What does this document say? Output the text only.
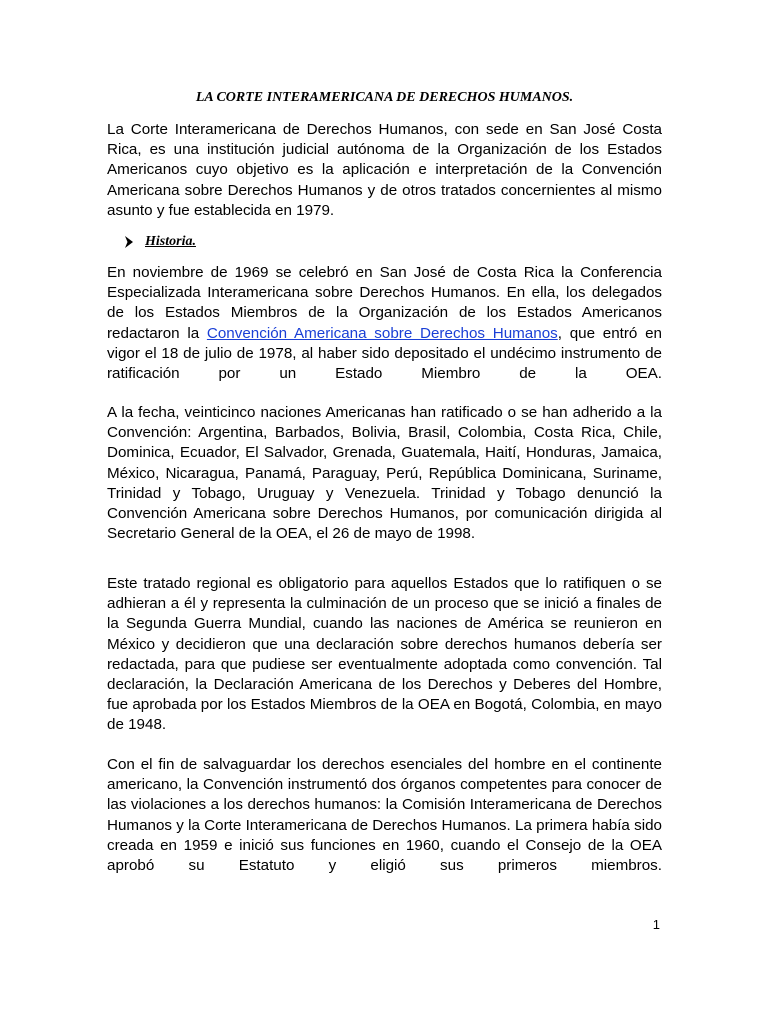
LA CORTE INTERAMERICANA DE DERECHOS HUMANOS.

La Corte Interamericana de Derechos Humanos, con sede en San José Costa Rica, es una institución judicial autónoma de la Organización de los Estados Americanos cuyo objetivo es la aplicación e interpretación de la Convención Americana sobre Derechos Humanos y de otros tratados concernientes al mismo asunto y fue establecida en 1979.

Historia.

En noviembre de 1969 se celebró en San José de Costa Rica la Conferencia Especializada Interamericana sobre Derechos Humanos. En ella, los delegados de los Estados Miembros de la Organización de los Estados Americanos redactaron la Convención Americana sobre Derechos Humanos, que entró en vigor el 18 de julio de 1978, al haber sido depositado el undécimo instrumento de ratificación por un Estado Miembro de la OEA.

A la fecha, veinticinco naciones Americanas han ratificado o se han adherido a la Convención: Argentina, Barbados, Bolivia, Brasil, Colombia, Costa Rica, Chile, Dominica, Ecuador, El Salvador, Grenada, Guatemala, Haití, Honduras, Jamaica, México, Nicaragua, Panamá, Paraguay, Perú, República Dominicana, Suriname, Trinidad y Tobago, Uruguay y Venezuela. Trinidad y Tobago denunció la Convención Americana sobre Derechos Humanos, por comunicación dirigida al Secretario General de la OEA, el 26 de mayo de 1998.

Este tratado regional es obligatorio para aquellos Estados que lo ratifiquen o se adhieran a él y representa la culminación de un proceso que se inició a finales de la Segunda Guerra Mundial, cuando las naciones de América se reunieron en México y decidieron que una declaración sobre derechos humanos debería ser redactada, para que pudiese ser eventualmente adoptada como convención. Tal declaración, la Declaración Americana de los Derechos y Deberes del Hombre, fue aprobada por los Estados Miembros de la OEA en Bogotá, Colombia, en mayo de 1948.

Con el fin de salvaguardar los derechos esenciales del hombre en el continente americano, la Convención instrumentó dos órganos competentes para conocer de las violaciones a los derechos humanos: la Comisión Interamericana de Derechos Humanos y la Corte Interamericana de Derechos Humanos. La primera había sido creada en 1959 e inició sus funciones en 1960, cuando el Consejo de la OEA aprobó su Estatuto y eligió sus primeros miembros.

1
